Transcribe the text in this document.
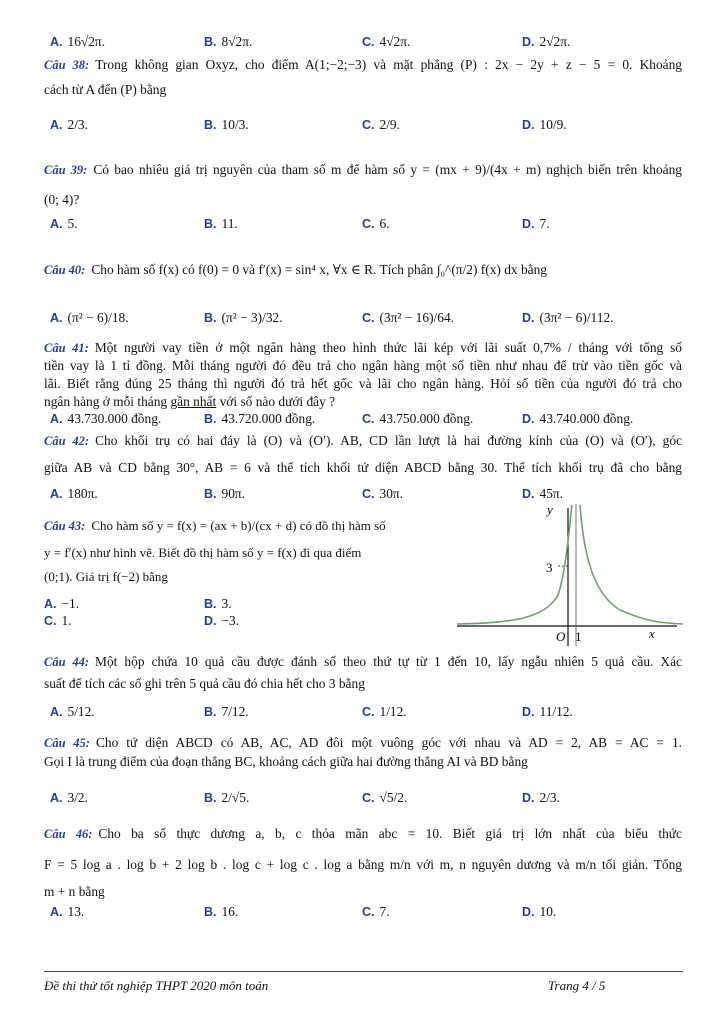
A. 16√2π.	B. 8√2π.	C. 4√2π.	D. 2√2π.
Câu 38: Trong không gian Oxyz, cho điểm A(1;−2;−3) và mặt phẳng (P) : 2x − 2y + z − 5 = 0. Khoảng
cách từ A đến (P) bằng
A. 2/3.	B. 10/3.	C. 2/9.	D. 10/9.
Câu 39: Có bao nhiêu giá trị nguyên của tham số m để hàm số y = (mx + 9)/(4x + m) nghịch biến trên khoảng
(0; 4)?
A. 5.	B. 11.	C. 6.	D. 7.
Câu 40: Cho hàm số f(x) có f(0) = 0 và f′(x) = sin⁴ x, ∀x ∈ R. Tích phân ∫₀^(π/2) f(x) dx bằng
A. (π² − 6)/18.	B. (π² − 3)/32.	C. (3π² − 16)/64.	D. (3π² − 6)/112.
Câu 41: Một người vay tiền ở một ngân hàng theo hình thức lãi kép với lãi suất 0,7% / tháng với tổng số
tiền vay là 1 tỉ đồng. Mỗi tháng người đó đều trả cho ngân hàng một số tiền như nhau để trừ vào tiền gốc và
lãi. Biết rằng đúng 25 tháng thì người đó trả hết gốc và lãi cho ngân hàng. Hỏi số tiền của người đó trả cho
ngân hàng ở mỗi tháng gần nhất với số nào dưới đây ?
A. 43.730.000 đồng.	B. 43.720.000 đồng.	C. 43.750.000 đồng.	D. 43.740.000 đồng.
Câu 42: Cho khối trụ có hai đáy là (O) và (O′). AB, CD lần lượt là hai đường kính của (O) và (O′), góc
giữa AB và CD bằng 30°, AB = 6 và thể tích khối tứ diện ABCD bằng 30. Thể tích khối trụ đã cho bằng
A. 180π.	B. 90π.	C. 30π.	D. 45π.
Câu 43: Cho hàm số y = f(x) = (ax + b)/(cx + d) có đồ thị hàm số
y = f′(x) như hình vẽ. Biết đồ thị hàm số y = f(x) đi qua điểm
(0;1). Giá trị f(−2) bằng
A. −1.	B. 3.
C. 1.	D. −3.
y
x
O 1
3
Câu 44: Một hộp chứa 10 quả cầu được đánh số theo thứ tự từ 1 đến 10, lấy ngẫu nhiên 5 quả cầu. Xác
suất để tích các số ghi trên 5 quả cầu đó chia hết cho 3 bằng
A. 5/12.	B. 7/12.	C. 1/12.	D. 11/12.
Câu 45: Cho tứ diện ABCD có AB, AC, AD đôi một vuông góc với nhau và AD = 2, AB = AC = 1.
Gọi I là trung điểm của đoạn thẳng BC, khoảng cách giữa hai đường thẳng AI và BD bằng
A. 3/2.	B. 2/√5.	C. √5/2.	D. 2/3.
Câu 46: Cho ba số thực dương a, b, c thỏa mãn abc = 10. Biết giá trị lớn nhất của biểu thức
F = 5 log a . log b + 2 log b . log c + log c . log a bằng m/n với m, n nguyên dương và m/n tối giản. Tổng
m + n bằng
A. 13.	B. 16.	C. 7.	D. 10.
Đề thi thử tốt nghiệp THPT 2020 môn toán	Trang 4 / 5
